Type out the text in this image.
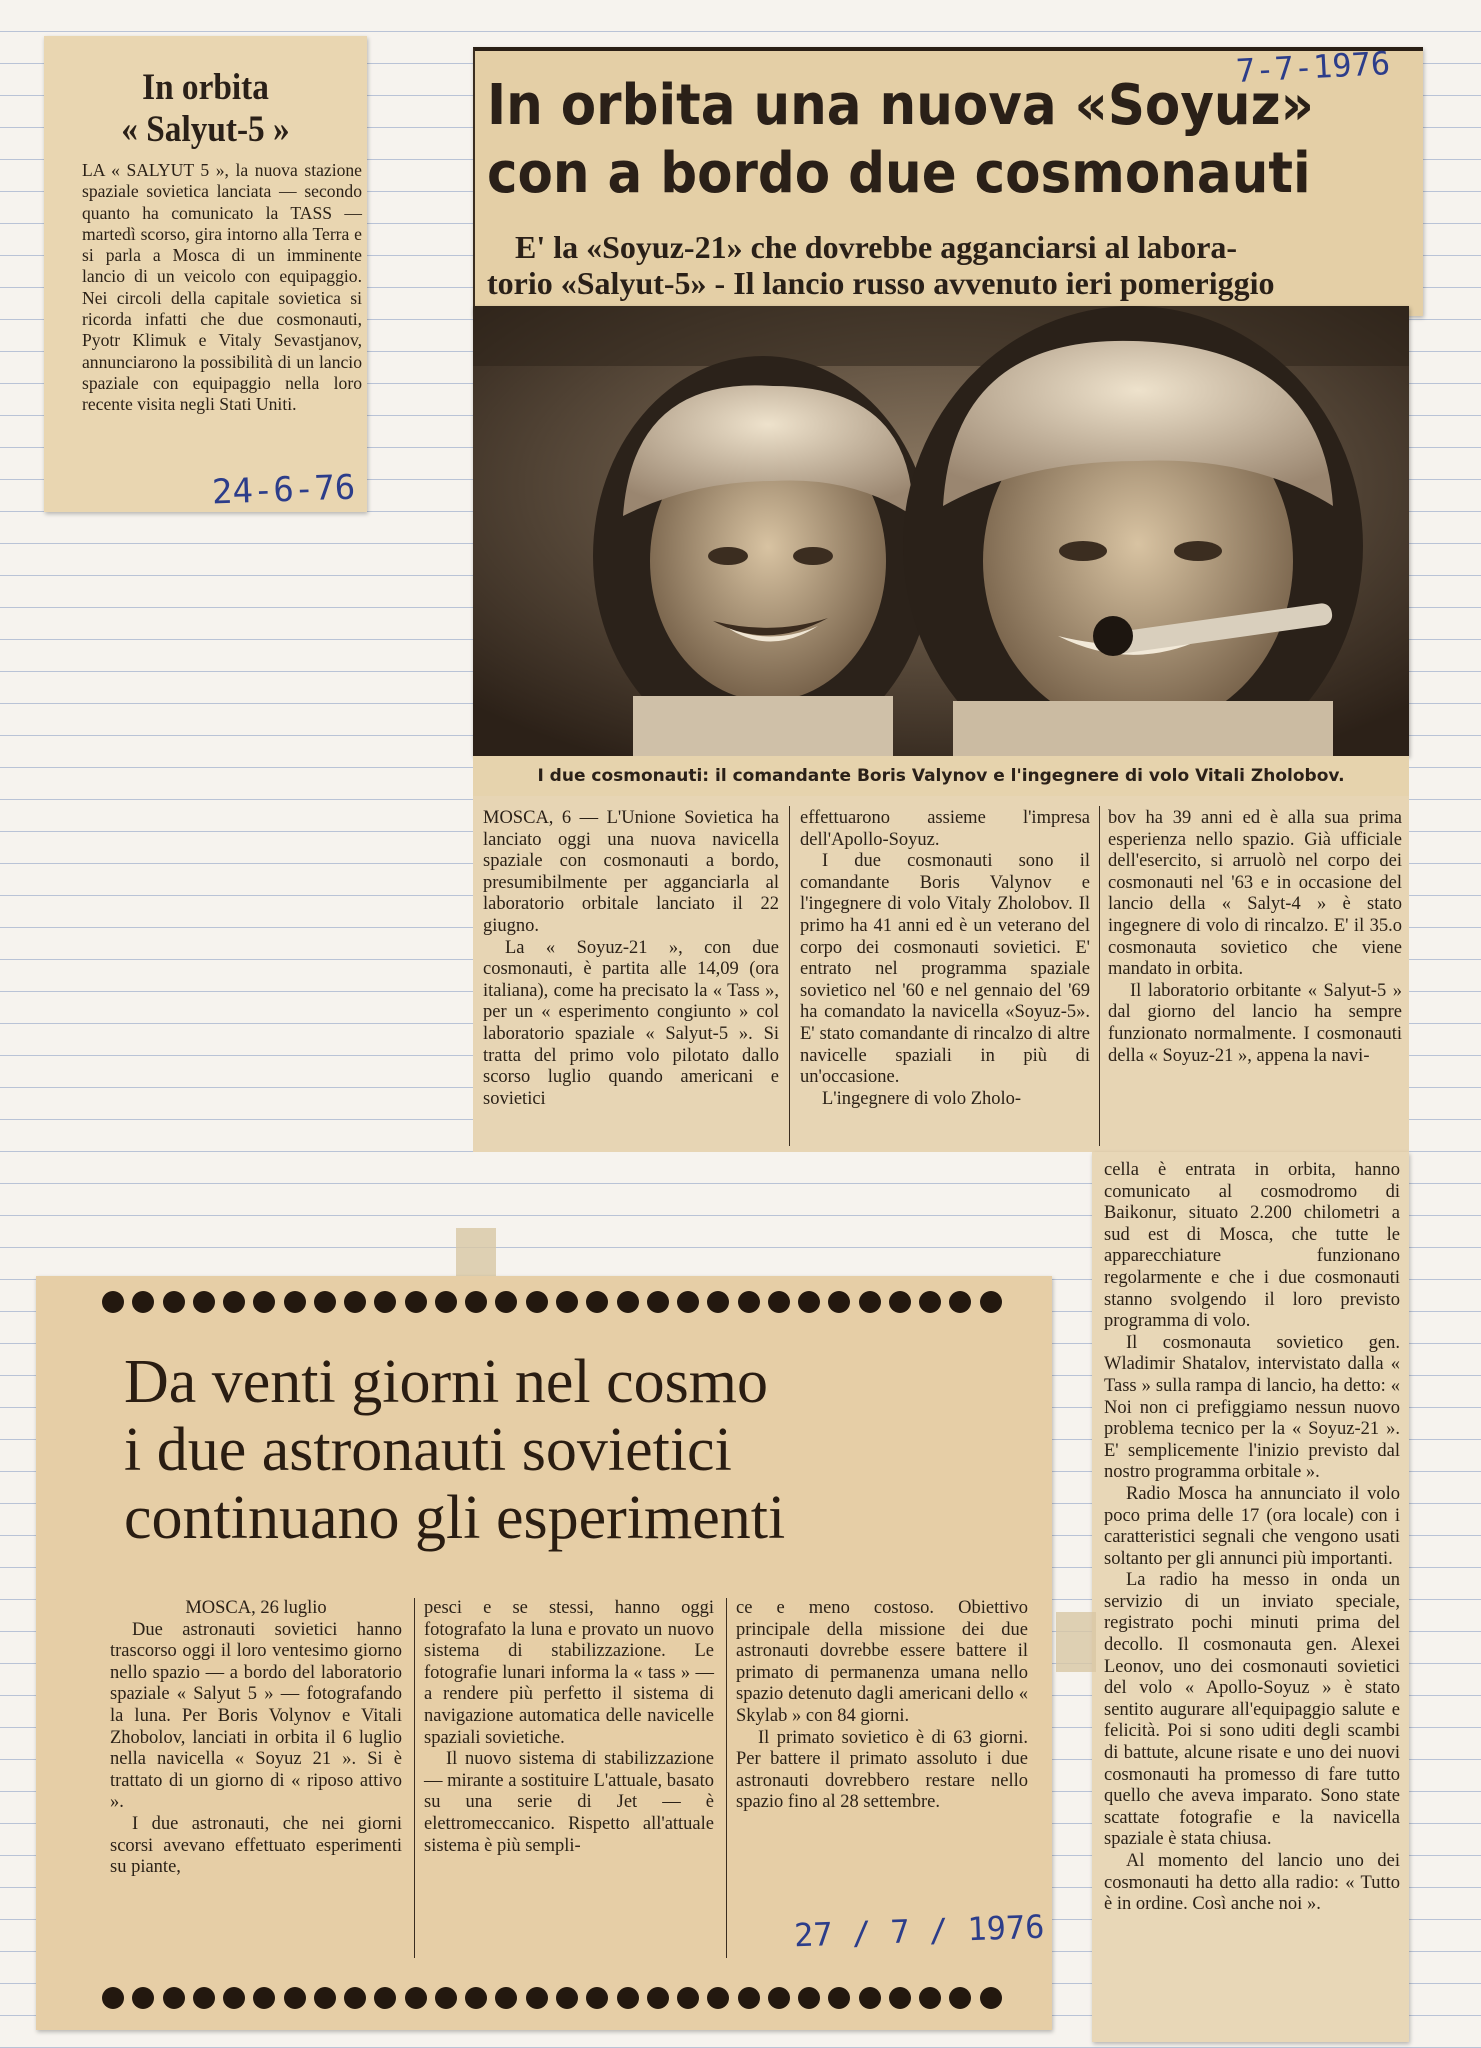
In orbita
« Salyut-5 »
LA « SALYUT 5 », la nuova stazione spaziale sovietica lanciata — secondo quanto ha comunicato la TASS — martedì scorso, gira intorno alla Terra e si parla a Mosca di un imminente lancio di un veicolo con equipaggio. Nei circoli della capitale sovietica si ricorda infatti che due cosmonauti, Pyotr Klimuk e Vitaly Sevastjanov, annunciarono la possibilità di un lancio spaziale con equipaggio nella loro recente visita negli Stati Uniti.
24-6-76
In orbita una nuova «Soyuz»
con a bordo due cosmonauti
E' la «Soyuz-21» che dovrebbe agganciarsi al labora-
torio «Salyut-5» - Il lancio russo avvenuto ieri pomeriggio
7-7-1976
I due cosmonauti: il comandante Boris Valynov e l'ingegnere di volo Vitali Zholobov.

MOSCA, 6 — L'Unione Sovietica ha lanciato oggi una nuova navicella spaziale con cosmonauti a bordo, presumibilmente per agganciarla al laboratorio orbitale lanciato il 22 giugno.

La « Soyuz-21 », con due cosmonauti, è partita alle 14,09 (ora italiana), come ha precisato la « Tass », per un « esperimento congiunto » col laboratorio spaziale « Salyut-5 ». Si tratta del primo volo pilotato dallo scorso luglio quando americani e sovietici

effettuarono assieme l'impresa dell'Apollo-Soyuz.

I due cosmonauti sono il comandante Boris Valynov e l'ingegnere di volo Vitaly Zholobov. Il primo ha 41 anni ed è un veterano del corpo dei cosmonauti sovietici. E' entrato nel programma spaziale sovietico nel '60 e nel gennaio del '69 ha comandato la navicella «Soyuz-5». E' stato comandante di rincalzo di altre navicelle spaziali in più di un'occasione.

L'ingegnere di volo Zholo-

bov ha 39 anni ed è alla sua prima esperienza nello spazio. Già ufficiale dell'esercito, si arruolò nel corpo dei cosmonauti nel '63 e in occasione del lancio della « Salyt-4 » è stato ingegnere di volo di rincalzo. E' il 35.o cosmonauta sovietico che viene mandato in orbita.

Il laboratorio orbitante « Salyut-5 » dal giorno del lancio ha sempre funzionato normalmente. I cosmonauti della « Soyuz-21 », appena la navi-

cella è entrata in orbita, hanno comunicato al cosmodromo di Baikonur, situato 2.200 chilometri a sud est di Mosca, che tutte le apparecchiature funzionano regolarmente e che i due cosmonauti stanno svolgendo il loro previsto programma di volo.

Il cosmonauta sovietico gen. Wladimir Shatalov, intervistato dalla « Tass » sulla rampa di lancio, ha detto: « Noi non ci prefiggiamo nessun nuovo problema tecnico per la « Soyuz-21 ». E' semplicemente l'inizio previsto dal nostro programma orbitale ».

Radio Mosca ha annunciato il volo poco prima delle 17 (ora locale) con i caratteristici segnali che vengono usati soltanto per gli annunci più importanti.

La radio ha messo in onda un servizio di un inviato speciale, registrato pochi minuti prima del decollo. Il cosmonauta gen. Alexei Leonov, uno dei cosmonauti sovietici del volo « Apollo-Soyuz » è stato sentito augurare all'equipaggio salute e felicità. Poi si sono uditi degli scambi di battute, alcune risate e uno dei nuovi cosmonauti ha promesso di fare tutto quello che aveva imparato. Sono state scattate fotografie e la navicella spaziale è stata chiusa.

Al momento del lancio uno dei cosmonauti ha detto alla radio: « Tutto è in ordine. Così anche noi ».

Da venti giorni nel cosmo
i due astronauti sovietici
continuano gli esperimenti

MOSCA, 26 luglio

Due astronauti sovietici hanno trascorso oggi il loro ventesimo giorno nello spazio — a bordo del laboratorio spaziale « Salyut 5 » — fotografando la luna. Per Boris Volynov e Vitali Zhobolov, lanciati in orbita il 6 luglio nella navicella « Soyuz 21 ». Si è trattato di un giorno di « riposo attivo ».

I due astronauti, che nei giorni scorsi avevano effettuato esperimenti su piante,

pesci e se stessi, hanno oggi fotografato la luna e provato un nuovo sistema di stabilizzazione. Le fotografie lunari informa la « tass » — a rendere più perfetto il sistema di navigazione automatica delle navicelle spaziali sovietiche.

Il nuovo sistema di stabilizzazione — mirante a sostituire L'attuale, basato su una serie di Jet — è elettromeccanico. Rispetto all'attuale sistema è più sempli-

ce e meno costoso. Obiettivo principale della missione dei due astronauti dovrebbe essere battere il primato di permanenza umana nello spazio detenuto dagli americani dello « Skylab » con 84 giorni.

Il primato sovietico è di 63 giorni. Per battere il primato assoluto i due astronauti dovrebbero restare nello spazio fino al 28 settembre.

27 / 7 / 1976
